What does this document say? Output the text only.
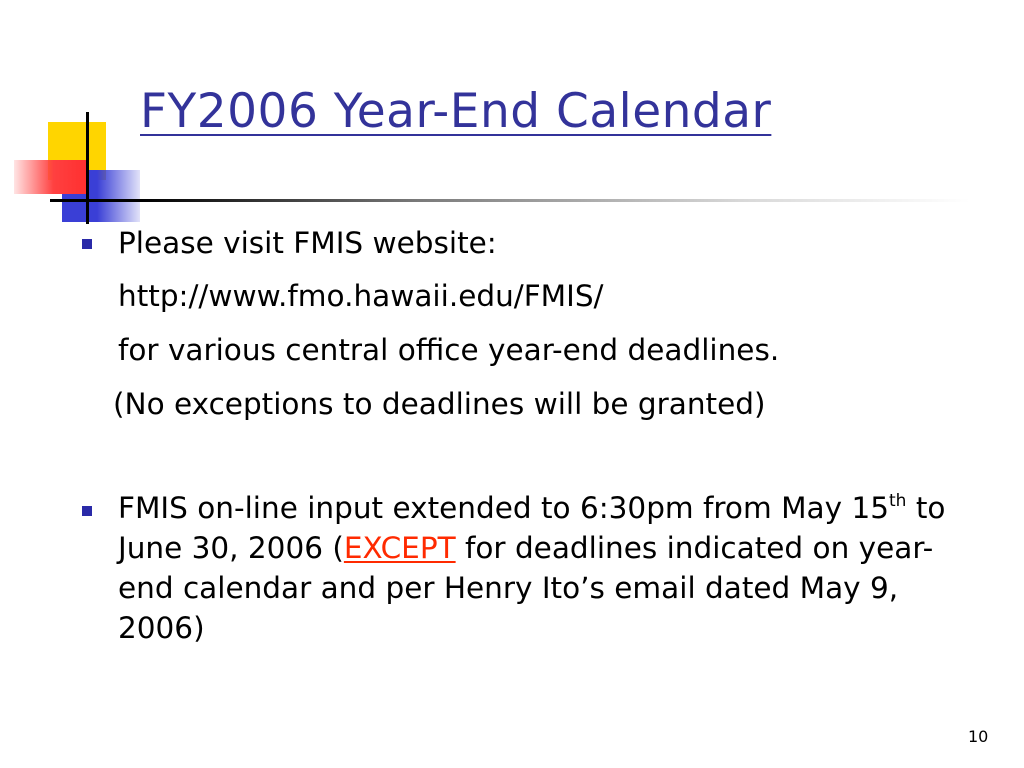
FY2006 Year-End Calendar
Please visit FMIS website:
http://www.fmo.hawaii.edu/FMIS/
for various central office year-end deadlines.
(No exceptions to deadlines will be granted)
FMIS on-line input extended to 6:30pm from May 15th to June 30, 2006 (EXCEPT for deadlines indicated on year-end calendar and per Henry Ito’s email dated May 9, 2006)
10
